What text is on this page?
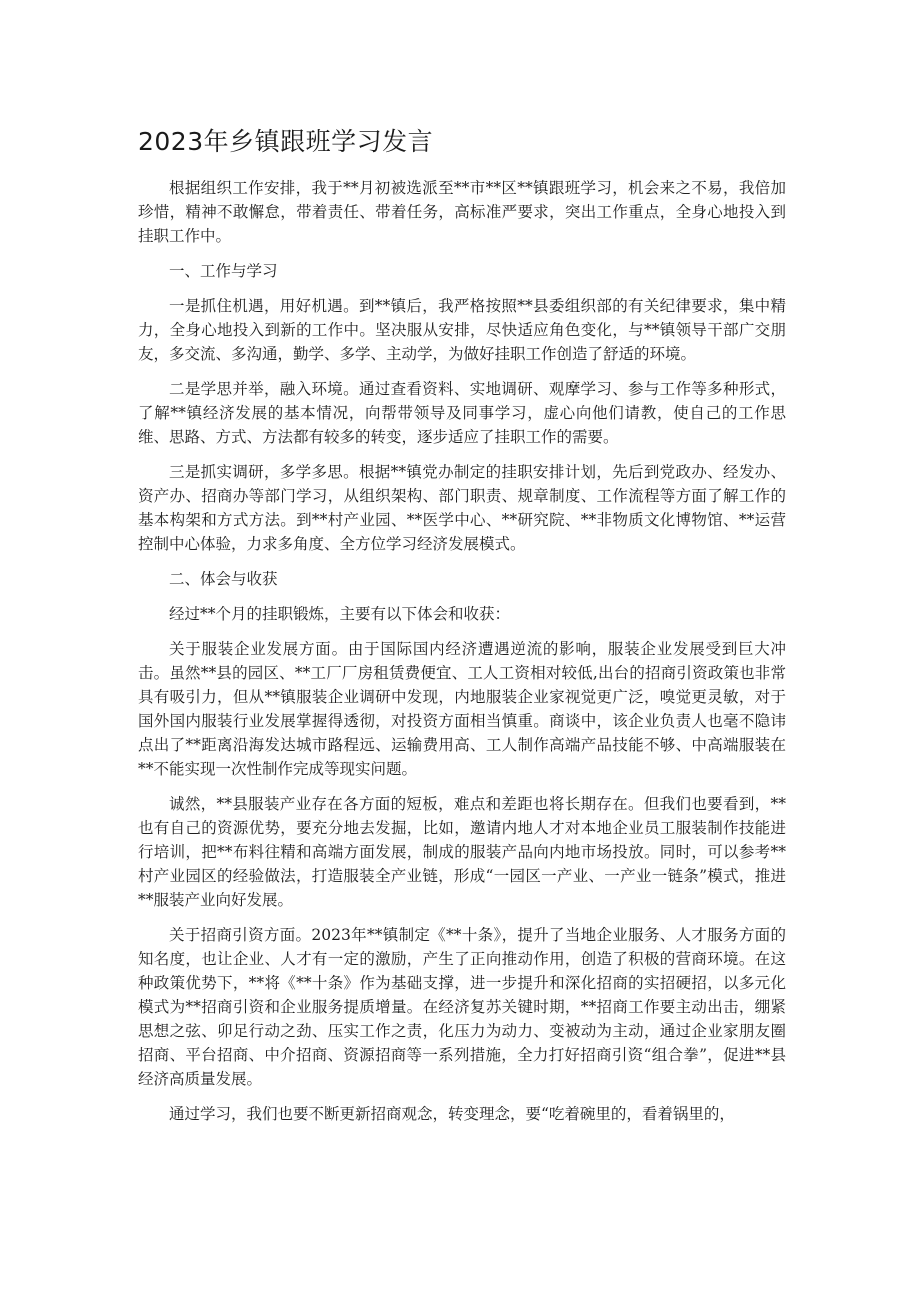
2023年乡镇跟班学习发言

根据组织工作安排，我于**月初被选派至**市**区**镇跟班学习，机会来之不易，我倍加珍惜，精神不敢懈怠，带着责任、带着任务，高标准严要求，突出工作重点，全身心地投入到挂职工作中。

一、工作与学习

一是抓住机遇，用好机遇。到**镇后，我严格按照**县委组织部的有关纪律要求，集中精力，全身心地投入到新的工作中。坚决服从安排，尽快适应角色变化，与**镇领导干部广交朋友，多交流、多沟通，勤学、多学、主动学，为做好挂职工作创造了舒适的环境。

二是学思并举，融入环境。通过查看资料、实地调研、观摩学习、参与工作等多种形式，了解**镇经济发展的基本情况，向帮带领导及同事学习，虚心向他们请教，使自己的工作思维、思路、方式、方法都有较多的转变，逐步适应了挂职工作的需要。

三是抓实调研，多学多思。根据**镇党办制定的挂职安排计划，先后到党政办、经发办、资产办、招商办等部门学习，从组织架构、部门职责、规章制度、工作流程等方面了解工作的基本构架和方式方法。到**村产业园、**医学中心、**研究院、**非物质文化博物馆、**运营控制中心体验，力求多角度、全方位学习经济发展模式。

二、体会与收获

经过**个月的挂职锻炼，主要有以下体会和收获：

关于服装企业发展方面。由于国际国内经济遭遇逆流的影响，服装企业发展受到巨大冲击。虽然**县的园区、**工厂厂房租赁费便宜、工人工资相对较低,出台的招商引资政策也非常具有吸引力，但从**镇服装企业调研中发现，内地服装企业家视觉更广泛，嗅觉更灵敏，对于国外国内服装行业发展掌握得透彻，对投资方面相当慎重。商谈中，该企业负责人也毫不隐讳点出了**距离沿海发达城市路程远、运输费用高、工人制作高端产品技能不够、中高端服装在**不能实现一次性制作完成等现实问题。

诚然，**县服装产业存在各方面的短板，难点和差距也将长期存在。但我们也要看到，**也有自己的资源优势，要充分地去发掘，比如，邀请内地人才对本地企业员工服装制作技能进行培训，把**布料往精和高端方面发展，制成的服装产品向内地市场投放。同时，可以参考**村产业园区的经验做法，打造服装全产业链，形成“一园区一产业、一产业一链条”模式，推进**服装产业向好发展。

关于招商引资方面。2023年**镇制定《**十条》，提升了当地企业服务、人才服务方面的知名度，也让企业、人才有一定的激励，产生了正向推动作用，创造了积极的营商环境。在这种政策优势下，**将《**十条》作为基础支撑，进一步提升和深化招商的实招硬招，以多元化模式为**招商引资和企业服务提质增量。在经济复苏关键时期，**招商工作要主动出击，绷紧思想之弦、卯足行动之劲、压实工作之责，化压力为动力、变被动为主动，通过企业家朋友圈招商、平台招商、中介招商、资源招商等一系列措施，全力打好招商引资“组合拳”，促进**县经济高质量发展。

通过学习，我们也要不断更新招商观念，转变理念，要“吃着碗里的，看着锅里的，
